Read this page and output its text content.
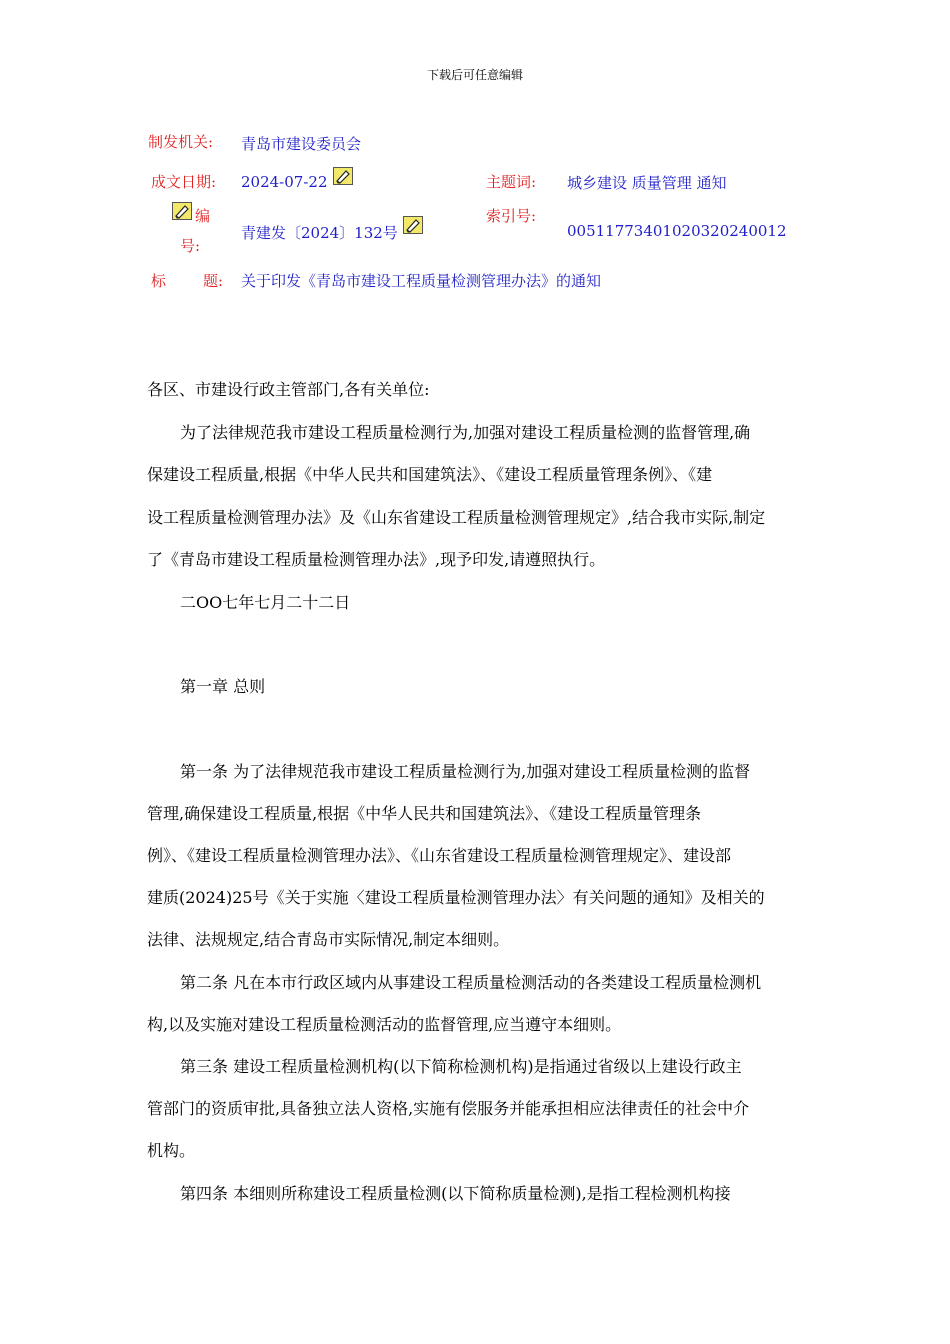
下载后可任意编辑
制发机关: 青岛市建设委员会
成文日期: 2024-07-22	主题词: 城乡建设 质量管理 通知
编
号:
青建发〔2024〕132号
索引号:
0051177340102032024001​2
标 题: 关于印发《青岛市建设工程质量检测管理办法》的通知
各区、市建设行政主管部门,各有关单位:
为了法律规范我市建设工程质量检测行为,加强对建设工程质量检测的监督管理,确
保建设工程质量,根据《中华人民共和国建筑法》、《建设工程质量管理条例》、《建
设工程质量检测管理办法》及《山东省建设工程质量检测管理规定》,结合我市实际,制定
了《青岛市建设工程质量检测管理办法》,现予印发,请遵照执行。
二OO七年七月二十二日
第一章 总则
第一条 为了法律规范我市建设工程质量检测行为,加强对建设工程质量检测的监督
管理,确保建设工程质量,根据《中华人民共和国建筑法》、《建设工程质量管理条
例》、《建设工程质量检测管理办法》、《山东省建设工程质量检测管理规定》、建设部
建质(2024)25号《关于实施〈建设工程质量检测管理办法〉有关问题的通知》及相关的
法律、法规规定,结合青岛市实际情况,制定本细则。
第二条 凡在本市行政区域内从事建设工程质量检测活动的各类建设工程质量检测机
构,以及实施对建设工程质量检测活动的监督管理,应当遵守本细则。
第三条 建设工程质量检测机构(以下简称检测机构)是指通过省级以上建设行政主
管部门的资质审批,具备独立法人资格,实施有偿服务并能承担相应法律责任的社会中介
机构。
第四条 本细则所称建设工程质量检测(以下简称质量检测),是指工程检测机构接
